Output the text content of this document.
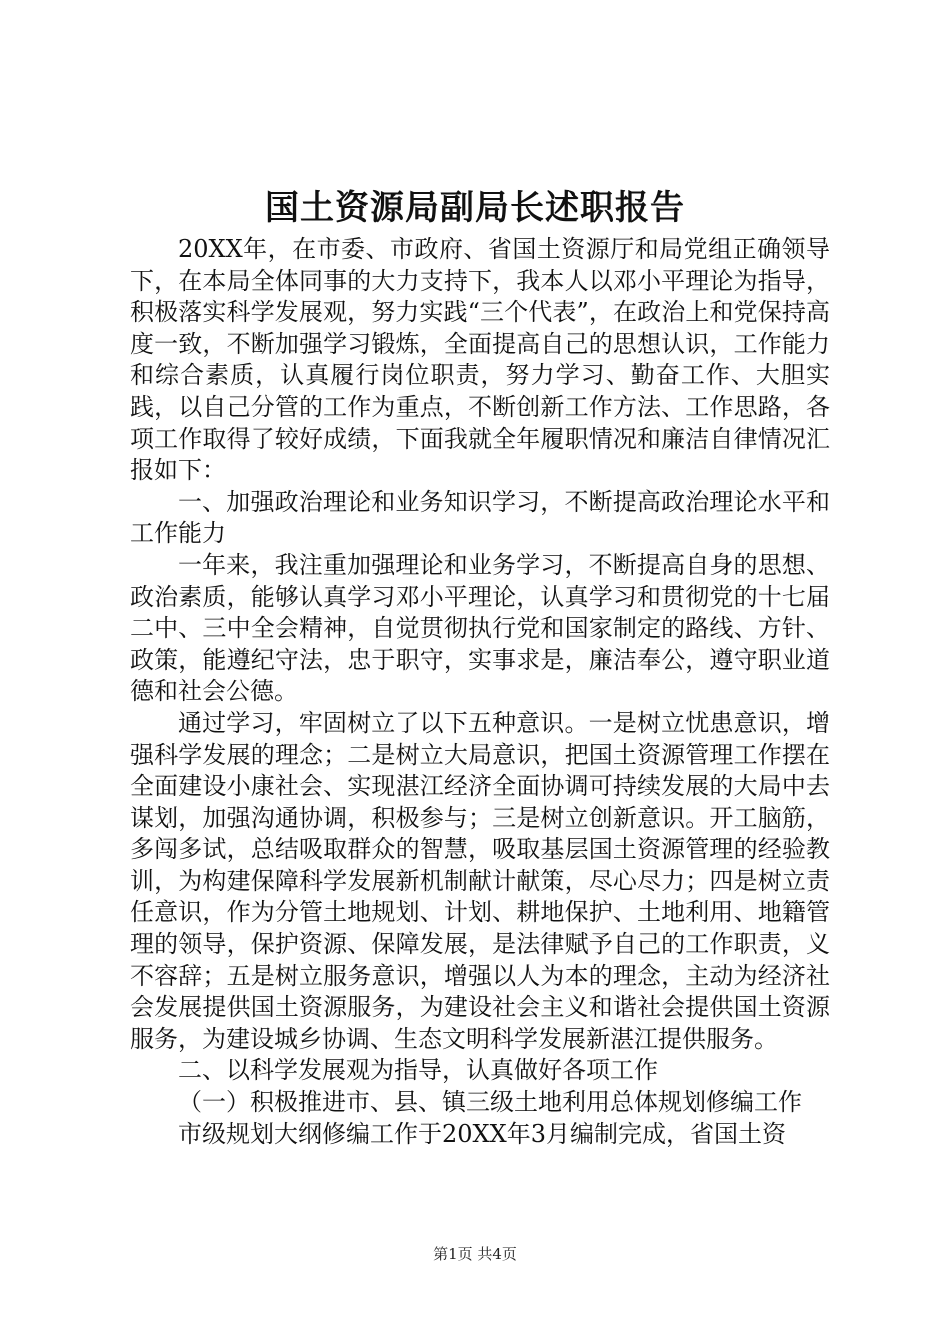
国土资源局副局长述职报告

20XX年，在市委、市政府、省国土资源厅和局党组正确领导下，在本局全体同事的大力支持下，我本人以邓小平理论为指导，积极落实科学发展观，努力实践“三个代表”，在政治上和党保持高度一致，不断加强学习锻炼，全面提高自己的思想认识，工作能力和综合素质，认真履行岗位职责，努力学习、勤奋工作、大胆实践，以自己分管的工作为重点，不断创新工作方法、工作思路，各项工作取得了较好成绩，下面我就全年履职情况和廉洁自律情况汇报如下：

一、加强政治理论和业务知识学习，不断提高政治理论水平和工作能力

一年来，我注重加强理论和业务学习，不断提高自身的思想、政治素质，能够认真学习邓小平理论，认真学习和贯彻党的十七届二中、三中全会精神，自觉贯彻执行党和国家制定的路线、方针、政策，能遵纪守法，忠于职守，实事求是，廉洁奉公，遵守职业道德和社会公德。

通过学习，牢固树立了以下五种意识。一是树立忧患意识，增强科学发展的理念；二是树立大局意识，把国土资源管理工作摆在全面建设小康社会、实现湛江经济全面协调可持续发展的大局中去谋划，加强沟通协调，积极参与；三是树立创新意识。开工脑筋，多闯多试，总结吸取群众的智慧，吸取基层国土资源管理的经验教训，为构建保障科学发展新机制献计献策，尽心尽力；四是树立责任意识，作为分管土地规划、计划、耕地保护、土地利用、地籍管理的领导，保护资源、保障发展，是法律赋予自己的工作职责，义不容辞；五是树立服务意识，增强以人为本的理念，主动为经济社会发展提供国土资源服务，为建设社会主义和谐社会提供国土资源服务，为建设城乡协调、生态文明科学发展新湛江提供服务。

二、以科学发展观为指导，认真做好各项工作

（一）积极推进市、县、镇三级土地利用总体规划修编工作

市级规划大纲修编工作于20XX年3月编制完成，省国土资

第1页 共4页
